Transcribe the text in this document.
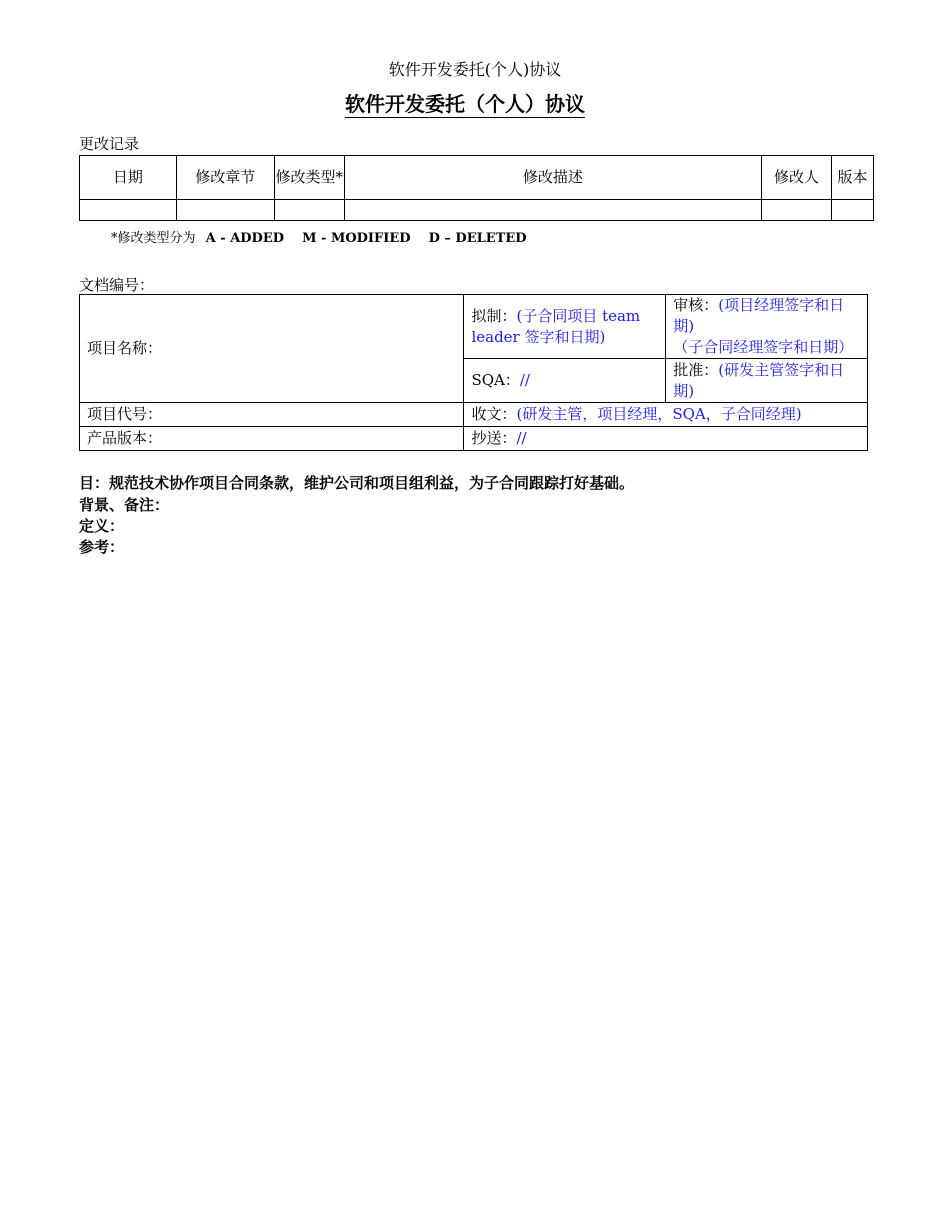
软件开发委托(个人)协议
软件开发委托（个人）协议
更改记录
日期	修改章节	修改类型*	修改描述	修改人	版本

*修改类型分为 A - ADDED    M - MODIFIED    D – DELETED
文档编号：
项目名称：	拟制：(子合同项目 team leader 签字和日期)	审核：(项目经理签字和日期)
（子合同经理签字和日期）
	SQA：//	批准：(研发主管签字和日期)
项目代号：	收文：(研发主管，项目经理，SQA，子合同经理)	
产品版本：	抄送：//	
目：规范技术协作项目合同条款，维护公司和项目组利益，为子合同跟踪打好基础。
背景、备注：
定义：
参考：
